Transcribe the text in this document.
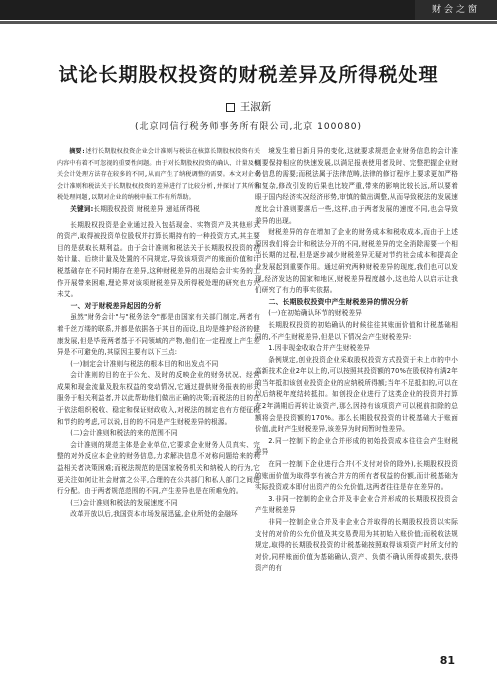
财会之窗
试论长期股权投资的财税差异及所得税处理
王淑新
(北京同信行税务师事务所有限公司,北京 100080)

摘要:述行长期股权投资企业会计准则与税法在核算长期股权投资有关内容中有着不可忽视的重要性问题。由于对长期股权投资的确认、计量及相关会计处理方法存在较多的不同,从而产生了纳税调整的需要。本文对企业会计准则和税法关于长期股权投资的差异进行了比较分析,并探讨了其所得税处理问题,以期对企业的纳税申报工作有所帮助。

关键词:长期股权投资 财税差异 递延所得税

长期股权投资是企业通过投入包括现金、实物资产及其他形式的资产,取得被投资单位股权并打算长期持有的一种投资方式,其主要目的是获取长期利益。由于会计准则和税法关于长期股权投资的初始计量、后续计量及处置的不同规定,导致该项资产的账面价值和计税基础存在不同时期存在差异,这种财税差异的出现给会计实务的工作开展带来困难,理论界对该项财税差异及所得税处理的研究也方兴未艾。

一、对于财税差异起因的分析

虽然"财务会计"与"税务法令"都是由国家有关部门制定,两者有着千丝万缕的联系,并都是依据各于其目的而设,且均是维护经济的健康发展,但是毕竟两者基于不同领域的产物,他们在一定程度上产生差异是不可避免的,其原因主要有以下三点:

(一)制定会计准则与税法的根本目的和出发点不同

会计准则的目的在于公允、及时的反映企业的财务状况、经营成果和现金流量及股东权益的变动情况,它通过提供财务报表的形式服务于相关利益者,并以此帮助他们做出正确的决策;而税法的目的在于依法组织税收、稳定和保证财政收入,对税法的制定也有方便征税和节约的考虑,可以说,目的的不同是产生财税差异的根源。

(二)会计准则和税法的来的范围不同

会计准则的规范主体是企业单位,它要求企业财务人员真实、完整的对外反应本企业的财务信息,力求解决信息不对称问题给来的利益相关者决策困难;而税法规范的是国家税务机关和纳税人的行为,它更关注如何让社会财富之公平,合理的在公共部门和私人部门之间进行分配。由于两者规范范围的不同,产生差异也是在所难免的。

(三)会计准则和税法的发展速度不同

改革开放以后,我国资本市场发展迅猛,企业所处的金融环

境发生着日新月异的变化,这就要求规范企业财务信息的会计准则要保持相应的快速发展,以满足报表使用者及时、完整把握企业财务信息的需要;而税法属于法律范畴,法律的修订程序上要求更加严格和复杂,修改引发的后果也比较严重,带来的影响比较长远,所以要着眼于国内经济实况经济形势,审慎的做出调整,从而导致税法的发展速度比会计准则要落后一些,这样,由于两者发展的速度不同,也会导致差异的出现。

财税差异的存在增加了企业的财务成本和税收成本,而由于上述原因我们将会计和税法分开的不同,财税差异的完全消除需要一个相当长期的过程,但是逐步减少财税差异无疑对节约社会成本和提高企业发展起到重要作用。通过研究两种财税差异的现度,我们也可以发现,经济发达的国家和地区,财税差异程度越小,这也给人以启示让我们研究了有力的事实依据。

二、长期股权投资中产生财税差异的情况分析
(一)在初始确认环节的财税差异

长期股权投资的初始确认的时候往往其账面价值和计税基础相同的,不产生财税差异,但是以下情况会产生财税差异:

1.因非现金收取合并产生财税差异

条例规定,创业投资企业采取股权投资方式投资于未上市的中小高新技术企业2年以上的,可以按照其投资额的70%在股权持有满2年的当年抵扣该创业投资企业的应纳税所得额;当年不足抵扣的,可以在以后纳税年度结转抵扣。如创投企业进行了这类企业的投资并打算在2年满期后再转让该资产,那么因持有该项资产可以税前扣除的总额将会是投资额的170%。那么长期股权投资的计税基础大于账面价值,此时产生财税差异,该差异为时间暂时性差异。

2.同一控制下的企业合并形成的初始投资成本往往会产生财税差异

在同一控制下企业进行合并(不支付对价的除外),长期股权投资的账面价值为取得享有被合并方的所有者权益的份额,而计税基础为实际投资或本即付出资产的公允价值,这两者往往是存在差异的。

3.非同一控制的企业合并及非企业合并形成的长期股权投资会产生财税差异

非同一控制企业合并及非企业合并取得的长期股权投资以实际支付的对价的公允价值及其交易费用为其初始入账价值;而税收法规规定,取得的长期股权投资的计税基础按照取得该项资产时所支付的对价,同样账面价值为基础确认,资产、负债不确认所得或损失,获得资产的有

81
